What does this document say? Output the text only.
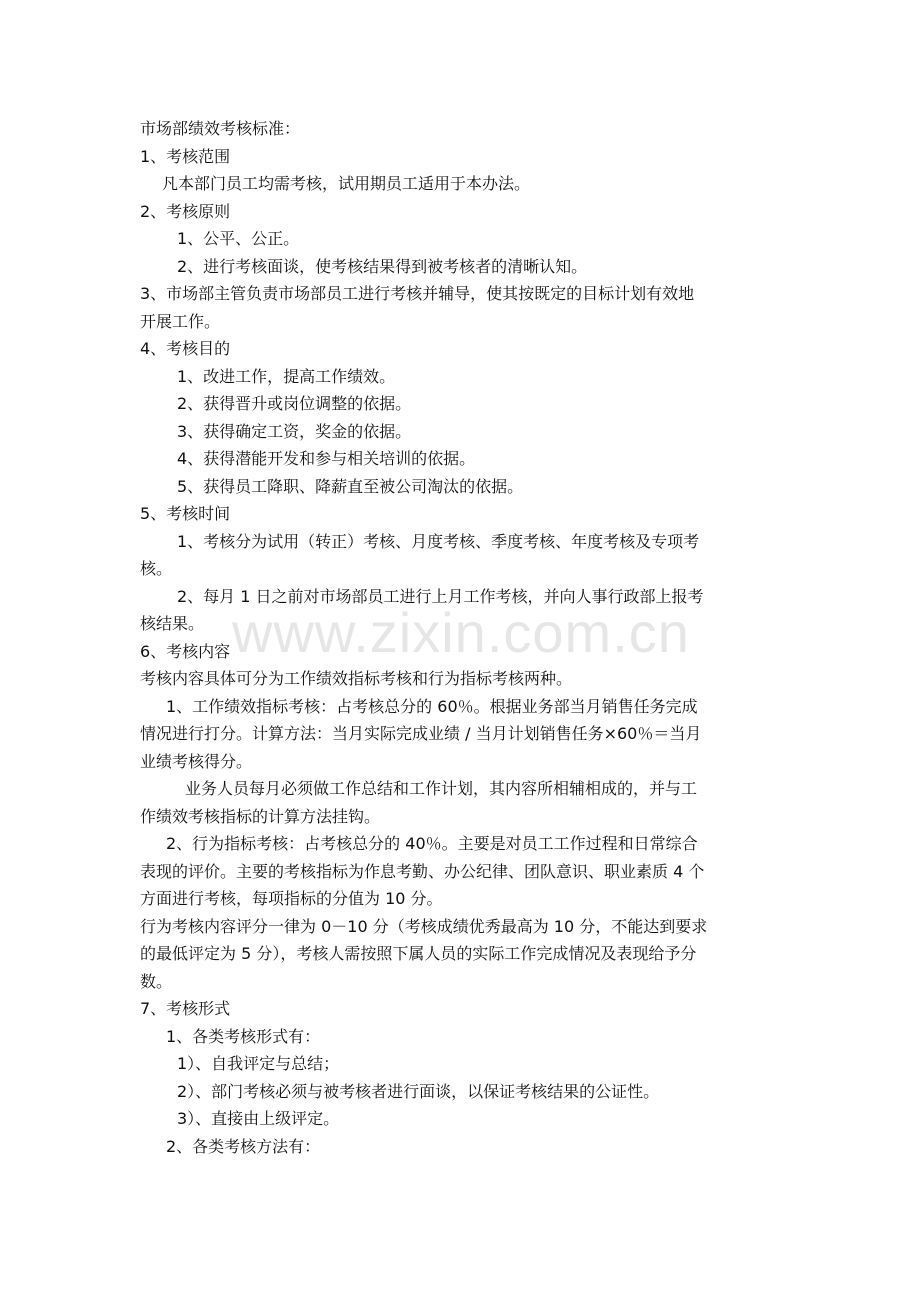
市场部绩效考核标准：

1、考核范围

凡本部门员工均需考核，试用期员工适用于本办法。

2、考核原则

1、公平、公正。

2、进行考核面谈，使考核结果得到被考核者的清晰认知。

3、市场部主管负责市场部员工进行考核并辅导，使其按既定的目标计划有效地

开展工作。

4、考核目的

1、改进工作，提高工作绩效。

2、获得晋升或岗位调整的依据。

3、获得确定工资，奖金的依据。

4、获得潜能开发和参与相关培训的依据。

5、获得员工降职、降薪直至被公司淘汰的依据。

5、考核时间

1、考核分为试用（转正）考核、月度考核、季度考核、年度考核及专项考

核。

2、每月 1 日之前对市场部员工进行上月工作考核，并向人事行政部上报考

核结果。

6、考核内容

考核内容具体可分为工作绩效指标考核和行为指标考核两种。

1、工作绩效指标考核：占考核总分的 60％。根据业务部当月销售任务完成

情况进行打分。计算方法：当月实际完成业绩 / 当月计划销售任务×60％＝当月

业绩考核得分。

业务人员每月必须做工作总结和工作计划，其内容所相辅相成的，并与工

作绩效考核指标的计算方法挂钩。

2、行为指标考核：占考核总分的 40％。主要是对员工工作过程和日常综合

表现的评价。主要的考核指标为作息考勤、办公纪律、团队意识、职业素质 4 个

方面进行考核，每项指标的分值为 10 分。

行为考核内容评分一律为 0－10 分（考核成绩优秀最高为 10 分，不能达到要求

的最低评定为 5 分），考核人需按照下属人员的实际工作完成情况及表现给予分

数。

7、考核形式

1、各类考核形式有：

1）、自我评定与总结；

2）、部门考核必须与被考核者进行面谈，以保证考核结果的公证性。

3）、直接由上级评定。

2、各类考核方法有：

www.zixin.com.cn
